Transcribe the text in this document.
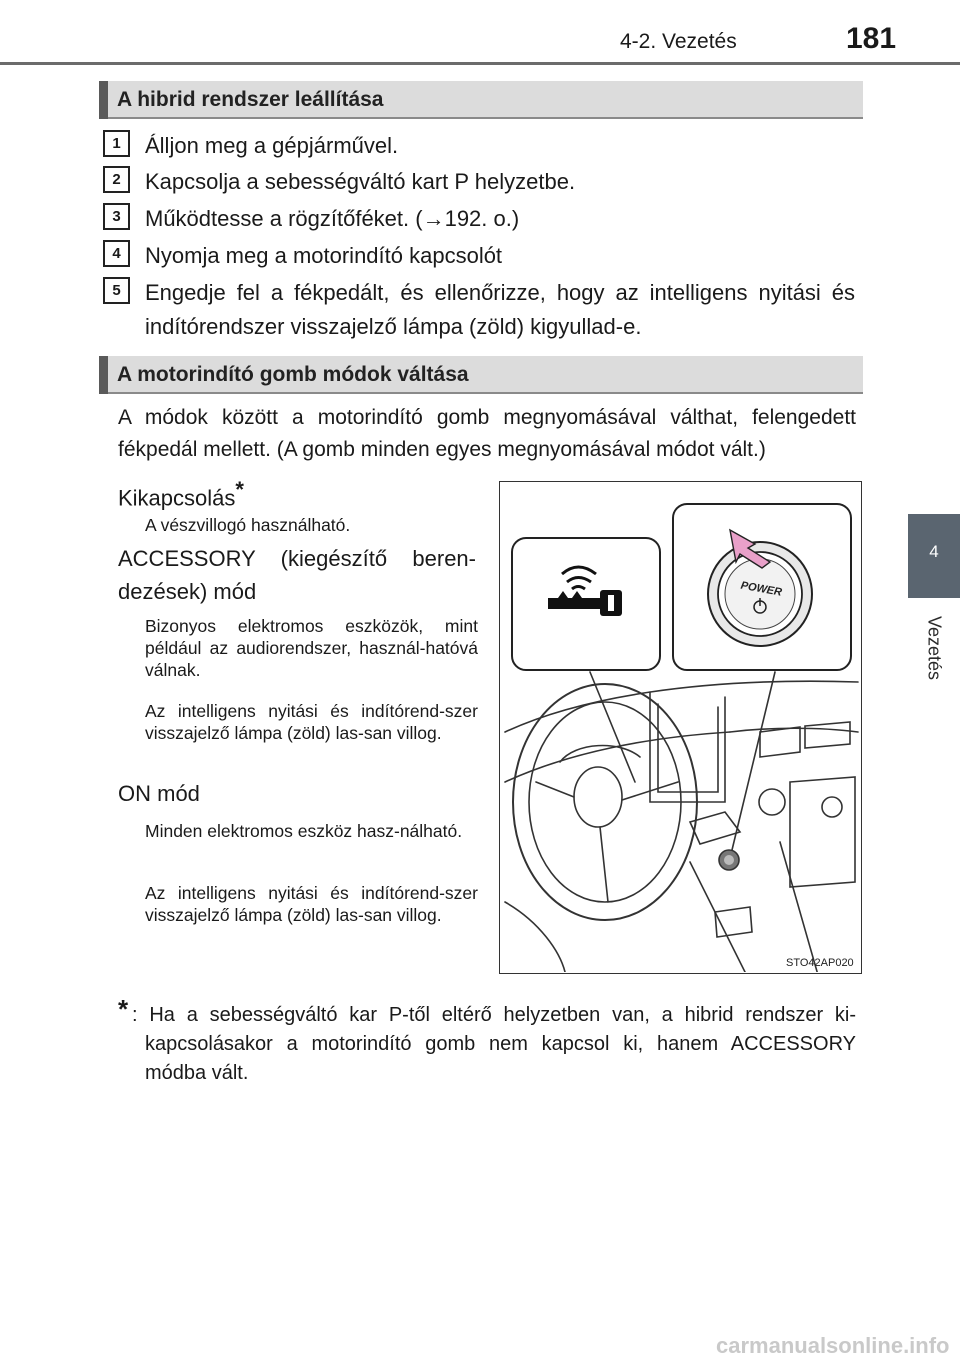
4-2. Vezetés	181
4
Vezetés
A hibrid rendszer leállítása
1	Álljon meg a gépjárművel.
2	Kapcsolja a sebességváltó kart P helyzetbe.
3	Működtesse a rögzítőféket. (→192. o.)
4	Nyomja meg a motorindító kapcsolót
5	Engedje fel a fékpedált, és ellenőrizze, hogy az intelligens nyitási és indítórendszer visszajelző lámpa (zöld) kigyullad-e.
A motorindító gomb módok váltása
A módok között a motorindító gomb megnyomásával válthat, felengedett fékpedál mellett. (A gomb minden egyes megnyomásával módot vált.)
Kikapcsolás*
A vészvillogó használható.
ACCESSORY (kiegészítő beren-dezések) mód
Bizonyos elektromos eszközök, mint például az audiorendszer, használ-hatóvá válnak.
Az intelligens nyitási és indítórend-szer visszajelző lámpa (zöld) las-san villog.
ON mód
Minden elektromos eszköz hasz-nálható.
Az intelligens nyitási és indítórend-szer visszajelző lámpa (zöld) las-san villog.
POWER
STO42AP020
* : Ha a sebességváltó kar P-től eltérő helyzetben van, a hibrid rendszer ki-kapcsolásakor a motorindító gomb nem kapcsol ki, hanem ACCESSORY módba vált.
carmanualsonline.info
